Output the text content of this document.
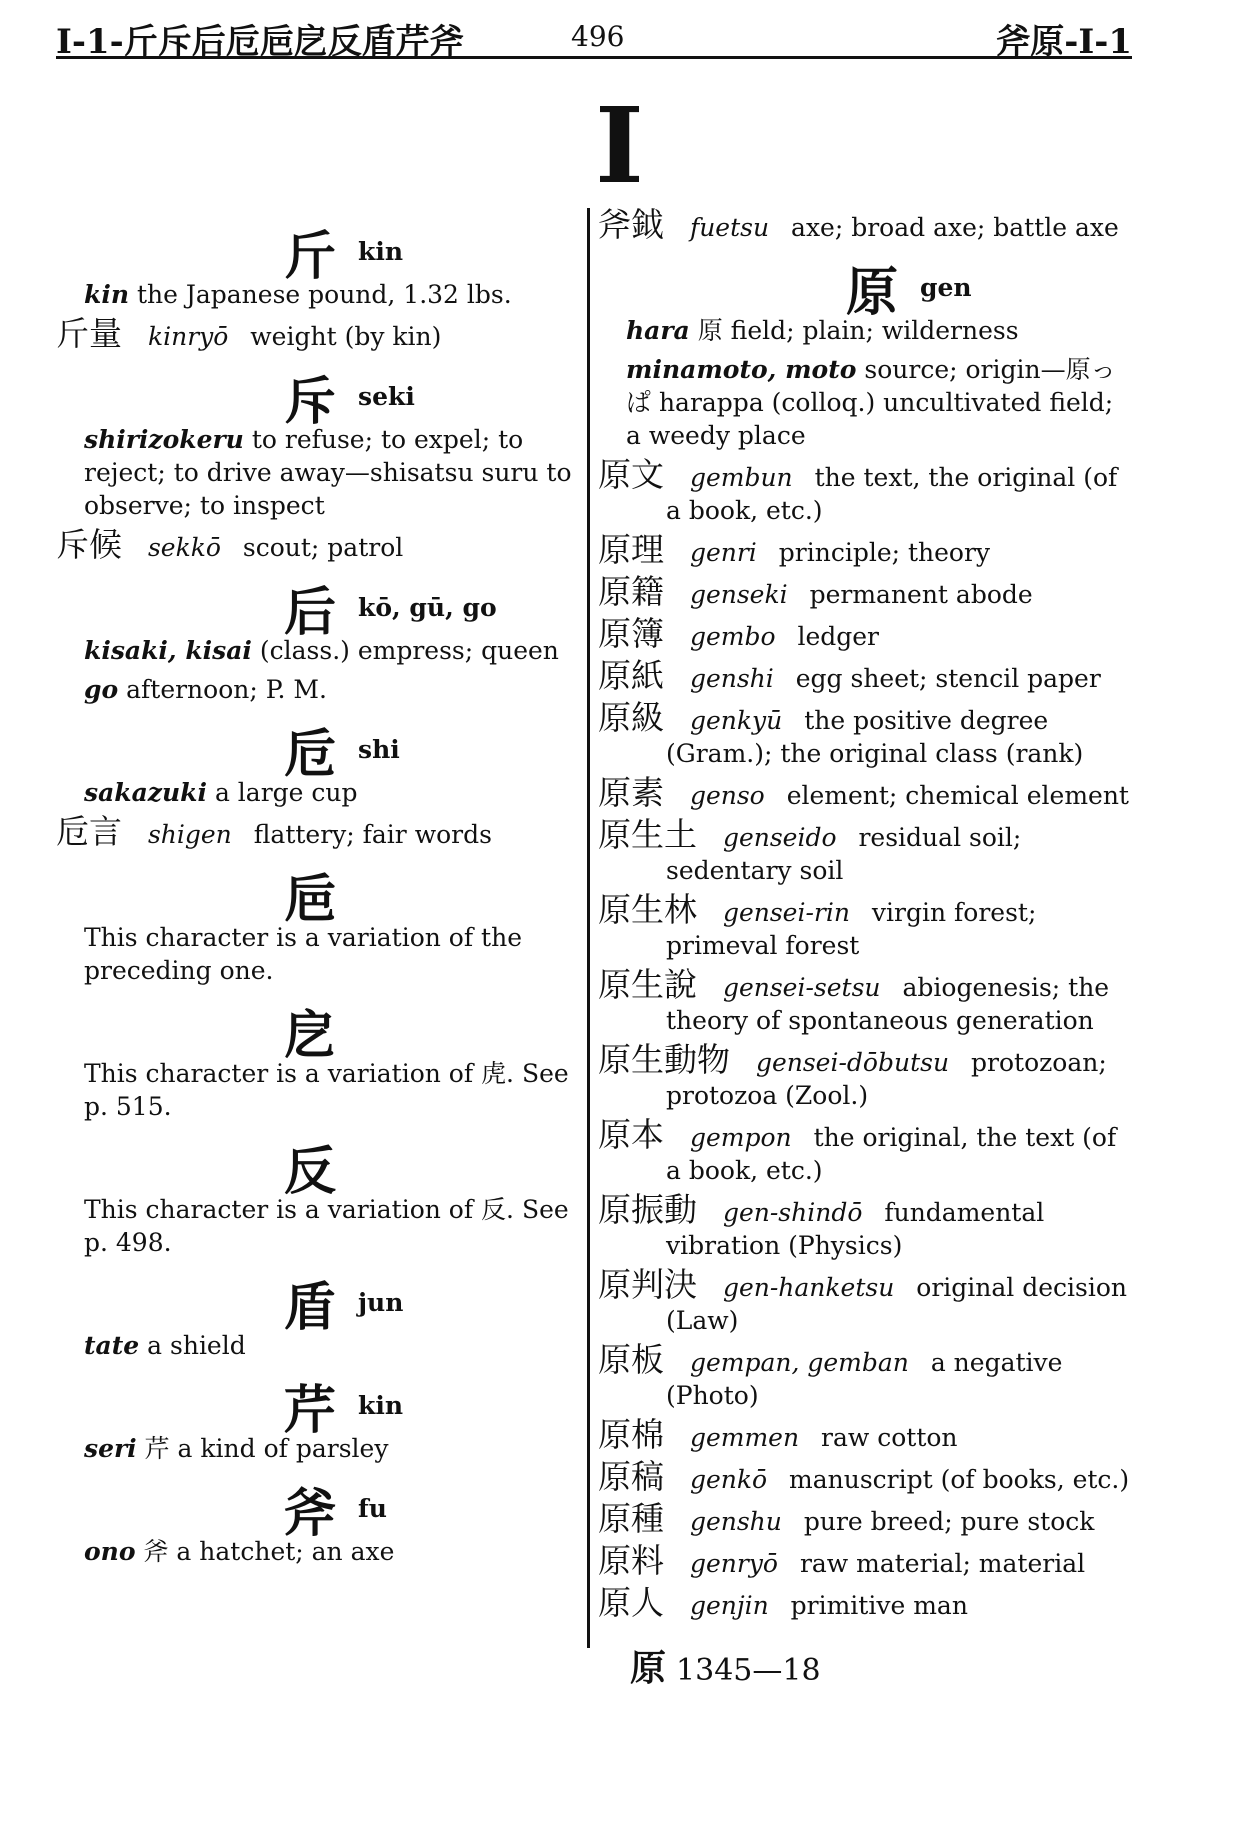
I-1-斤斥后卮巵戹反盾芹斧	496	斧原-I-1
I
斤kin
kin the Japanese pound, 1.32 lbs.
斤量 kinryō weight (by kin)
斥seki
shirizokeru to refuse; to expel; to reject; to drive away—shisatsu suru to observe; to inspect
斥候 sekkō scout; patrol
后kō, gū, go
kisaki, kisai (class.) empress; queen
go afternoon; P. M.
卮shi
sakazuki a large cup
卮言 shigen flattery; fair words
巵
This character is a variation of the preceding one.
戹
This character is a variation of 虎. See p. 515.
反
This character is a variation of 反. See p. 498.
盾jun
tate a shield
芹kin
seri 芹 a kind of parsley
斧fu
ono 斧 a hatchet; an axe
斧鉞 fuetsu axe; broad axe; battle axe
原gen
hara 原 field; plain; wilderness
minamoto, moto source; origin—原っぱ harappa (colloq.) uncultivated field; a weedy place
原文 gembun the text, the original (of a book, etc.)
原理 genri principle; theory
原籍 genseki permanent abode
原簿 gembo ledger
原紙 genshi egg sheet; stencil paper
原級 genkyū the positive degree (Gram.); the original class (rank)
原素 genso element; chemical element
原生土 genseido residual soil; sedentary soil
原生林 gensei-rin virgin forest; primeval forest
原生說 gensei-setsu abiogenesis; the theory of spontaneous generation
原生動物 gensei-dōbutsu protozoan; protozoa (Zool.)
原本 gempon the original, the text (of a book, etc.)
原振動 gen-shindō fundamental vibration (Physics)
原判決 gen-hanketsu original decision (Law)
原板 gempan, gemban a negative (Photo)
原棉 gemmen raw cotton
原稿 genkō manuscript (of books, etc.)
原種 genshu pure breed; pure stock
原料 genryō raw material; material
原人 genjin primitive man
原 1345—18
